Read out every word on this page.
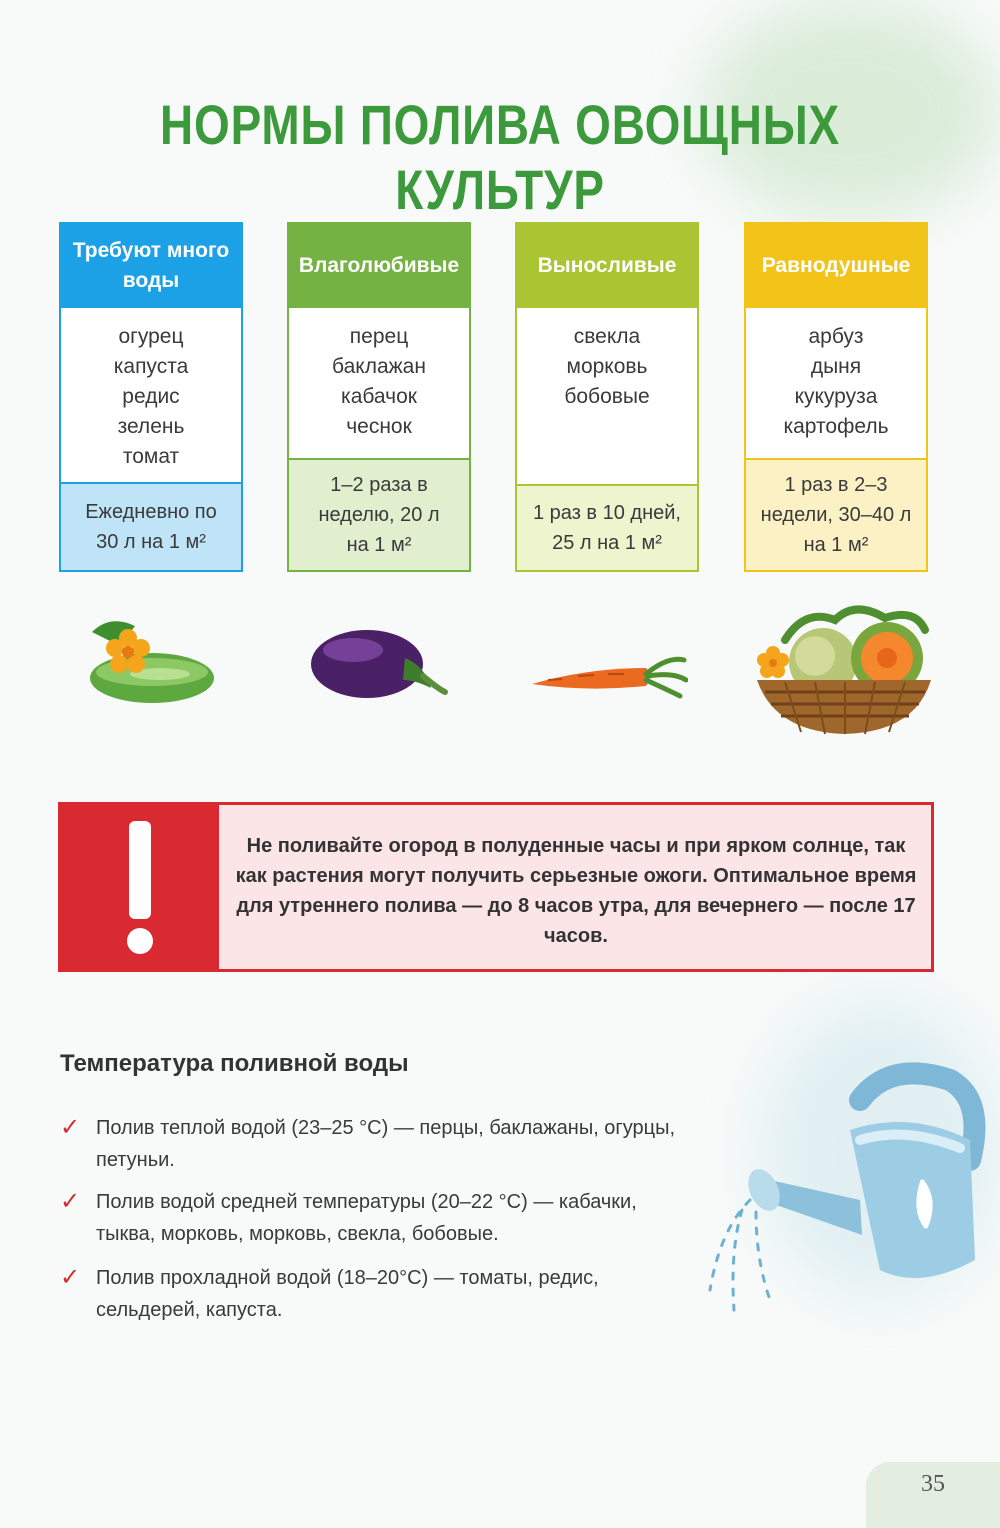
НОРМЫ ПОЛИВА ОВОЩНЫХ КУЛЬТУР
Требуют много воды
огурец
капуста
редис
зелень
томат
Ежедневно по 30 л на 1 м²
Влаголюбивые
перец
баклажан
кабачок
чеснок
1–2 раза в неделю, 20 л на 1 м²
Выносливые
свекла
морковь
бобовые
1 раз в 10 дней, 25 л на 1 м²
Равнодушные
арбуз
дыня
кукуруза
картофель
1 раз в 2–3 недели, 30–40 л на 1 м²
Не поливайте огород в полуденные часы и при ярком солнце, так как растения могут получить серьезные ожоги. Оптимальное время для утреннего полива — до 8 часов утра, для вечернего — после 17 часов.
Температура поливной воды
✓ Полив теплой водой (23–25 °C) — перцы, баклажаны, огурцы, петуньи.
✓ Полив водой средней температуры (20–22 °C) — кабачки, тыква, морковь, морковь, свекла, бобовые.
✓ Полив прохладной водой (18–20°C) — томаты, редис, сельдерей, капуста.
35
